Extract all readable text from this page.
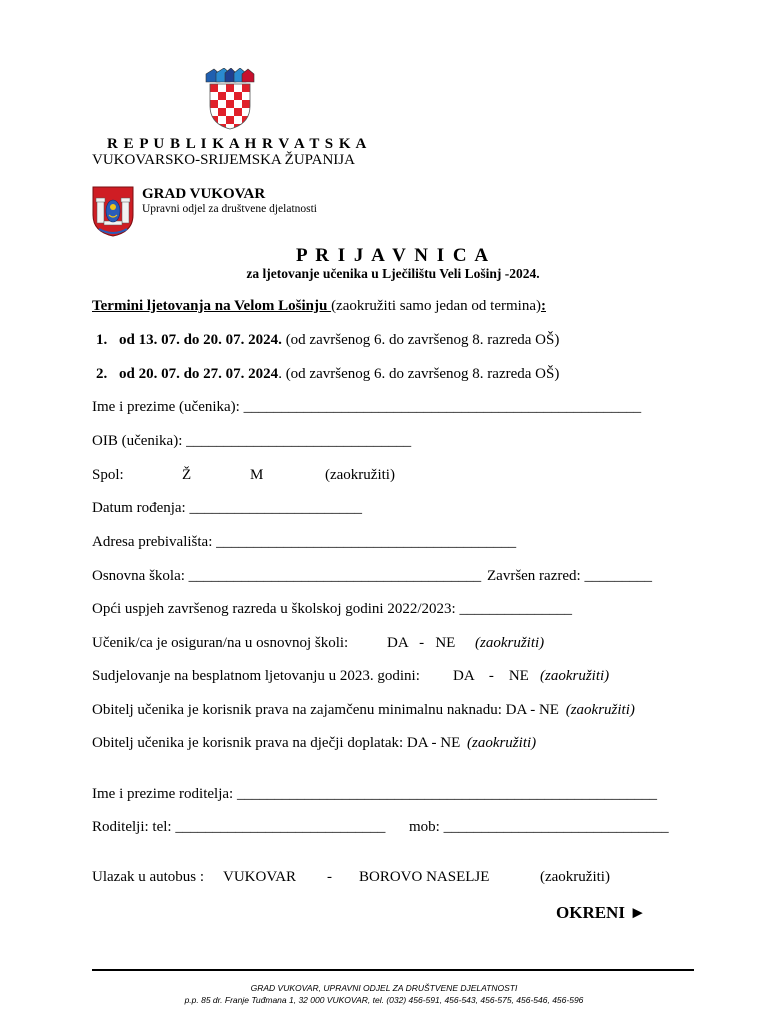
R E P U B L I K A H R V A T S K A
VUKOVARSKO-SRIJEMSKA ŽUPANIJA
GRAD VUKOVAR
Upravni odjel za društvene djelatnosti
P R I J A V N I C A
za ljetovanje učenika u Lječilištu Veli Lošinj -2024.
Termini ljetovanja na Velom Lošinju (zaokružiti samo jedan od termina):
1. od 13. 07. do 20. 07. 2024. (od završenog 6. do završenog 8. razreda OŠ)
2. od 20. 07. do 27. 07. 2024. (od završenog 6. do završenog 8. razreda OŠ)
Ime i prezime (učenika): _____________________________________________________
OIB (učenika): ______________________________
Spol:	Ž	M	(zaokružiti)
Datum rođenja: _______________________
Adresa prebivališta: ________________________________________
Osnovna škola: _______________________________________ Završen razred: _________
Opći uspjeh završenog razreda u školskoj godini 2022/2023: _______________
Učenik/ca je osiguran/na u osnovnoj školi:	DA   -   NE (zaokružiti)
Sudjelovanje na besplatnom ljetovanju u 2023. godini: DA    -    NE (zaokružiti)
Obitelj učenika je korisnik prava na zajamčenu minimalnu naknadu: DA - NE (zaokružiti)
Obitelj učenika je korisnik prava na dječji doplatak: DA - NE (zaokružiti)
Ime i prezime roditelja: ________________________________________________________
Roditelji: tel: ____________________________ mob: ______________________________
Ulazak u autobus : VUKOVAR - BOROVO NASELJE	(zaokružiti)
OKRENI ►
GRAD VUKOVAR, UPRAVNI ODJEL ZA DRUŠTVENE DJELATNOSTI
p.p. 85 dr. Franje Tuđmana 1, 32 000 VUKOVAR, tel. (032) 456-591, 456-543, 456-575, 456-546, 456-596
